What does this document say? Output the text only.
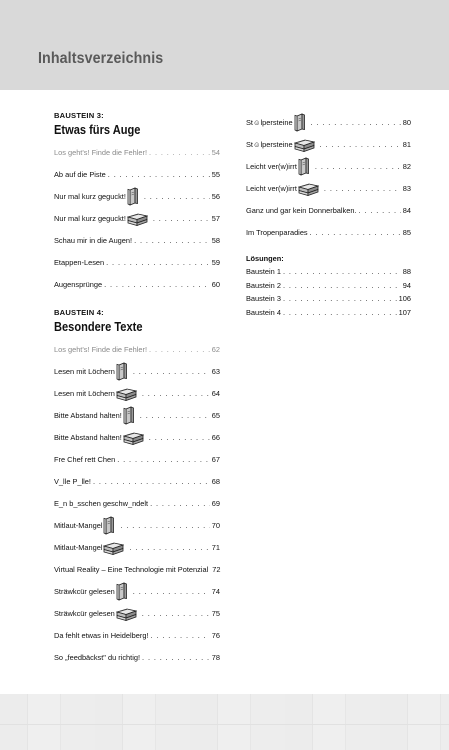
Inhaltsverzeichnis
BAUSTEIN 3:
Etwas fürs Auge
Los geht's! Finde die Fehler! . . .	54
Ab auf die Piste . . .	55
Nur mal kurz geguckt! . . .	56
Nur mal kurz geguckt! . . .	57
Schau mir in die Augen! . . .	58
Etappen-Lesen . . .	59
Augensprünge . . .	60
BAUSTEIN 4:
Besondere Texte
Los geht's! Finde die Fehler! . . .	62
Lesen mit Löchern . . .	63
Lesen mit Löchern . . .	64
Bitte Abstand halten! . . .	65
Bitte Abstand halten! . . .	66
Fre Chef rett Chen . . .	67
V_lle P_lle! . . .	68
E_n b_sschen geschw_ndelt . . .	69
Mitlaut-Mangel . . .	70
Mitlaut-Mangel . . .	71
Virtual Reality – Eine Technologie mit Potenzial . . . 72
Sträwkcür gelesen . . .	74
Sträwkcür gelesen . . .	75
Da fehlt etwas in Heidelberg! . . .	76
So „feedbäckst" du richtig! . . .	78
St☺lpersteine . . .	80
St☺lpersteine . . .	81
Leicht ver(w)irrt . . .	82
Leicht ver(w)irrt . . .	83
Ganz und gar kein Donnerbalken. . . .	84
Im Tropenparadies . . .	85
Lösungen:
Baustein 1 . . .	88
Baustein 2 . . .	94
Baustein 3 . . .	106
Baustein 4 . . .	107
